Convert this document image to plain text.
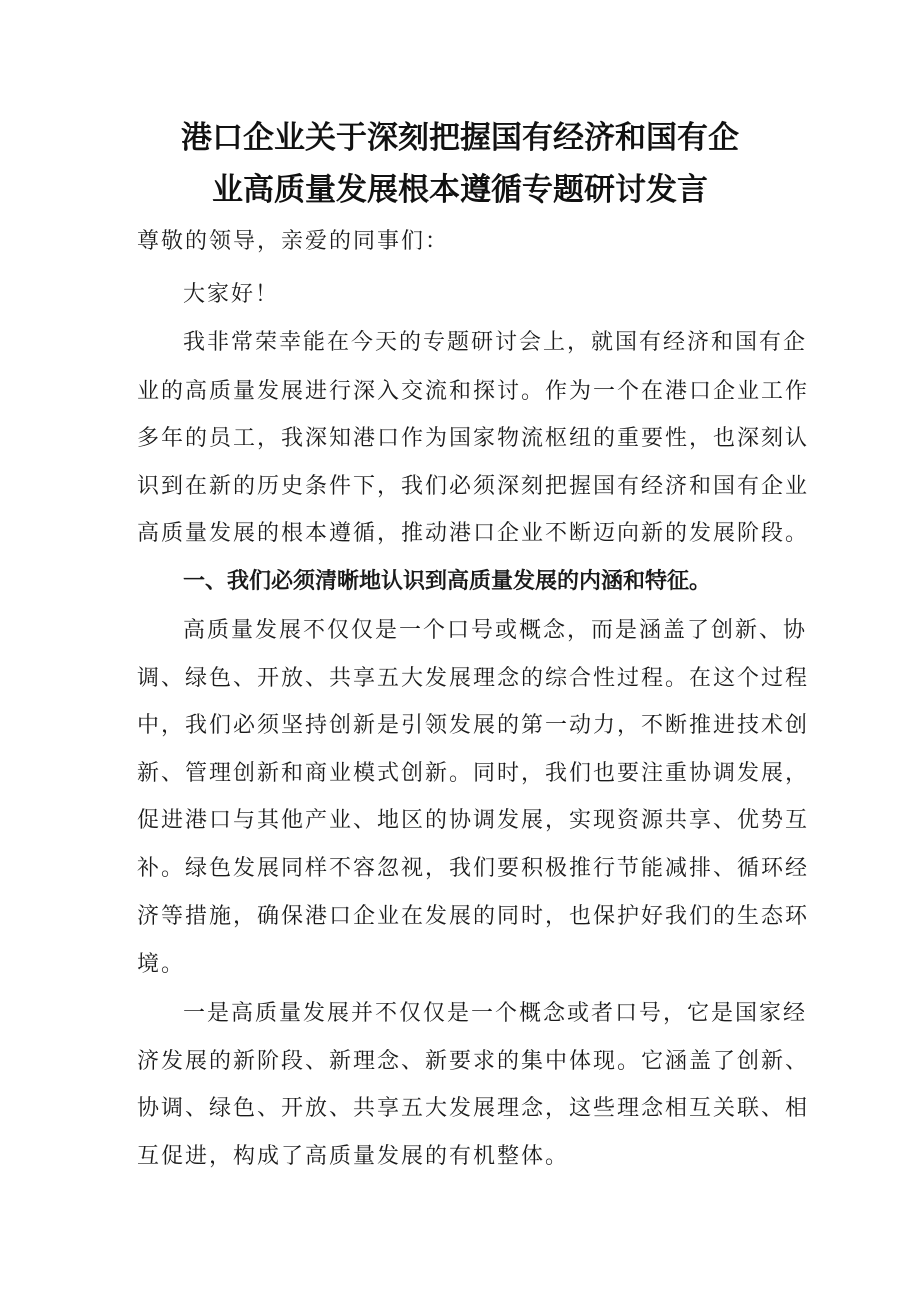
港口企业关于深刻把握国有经济和国有企
业高质量发展根本遵循专题研讨发言

尊敬的领导，亲爱的同事们：

大家好！

我非常荣幸能在今天的专题研讨会上，就国有经济和国有企

业的高质量发展进行深入交流和探讨。作为一个在港口企业工作

多年的员工，我深知港口作为国家物流枢纽的重要性，也深刻认

识到在新的历史条件下，我们必须深刻把握国有经济和国有企业

高质量发展的根本遵循，推动港口企业不断迈向新的发展阶段。

一、我们必须清晰地认识到高质量发展的内涵和特征。

高质量发展不仅仅是一个口号或概念，而是涵盖了创新、协

调、绿色、开放、共享五大发展理念的综合性过程。在这个过程

中，我们必须坚持创新是引领发展的第一动力，不断推进技术创

新、管理创新和商业模式创新。同时，我们也要注重协调发展，

促进港口与其他产业、地区的协调发展，实现资源共享、优势互

补。绿色发展同样不容忽视，我们要积极推行节能减排、循环经

济等措施，确保港口企业在发展的同时，也保护好我们的生态环

境。

一是高质量发展并不仅仅是一个概念或者口号，它是国家经

济发展的新阶段、新理念、新要求的集中体现。它涵盖了创新、

协调、绿色、开放、共享五大发展理念，这些理念相互关联、相

互促进，构成了高质量发展的有机整体。
